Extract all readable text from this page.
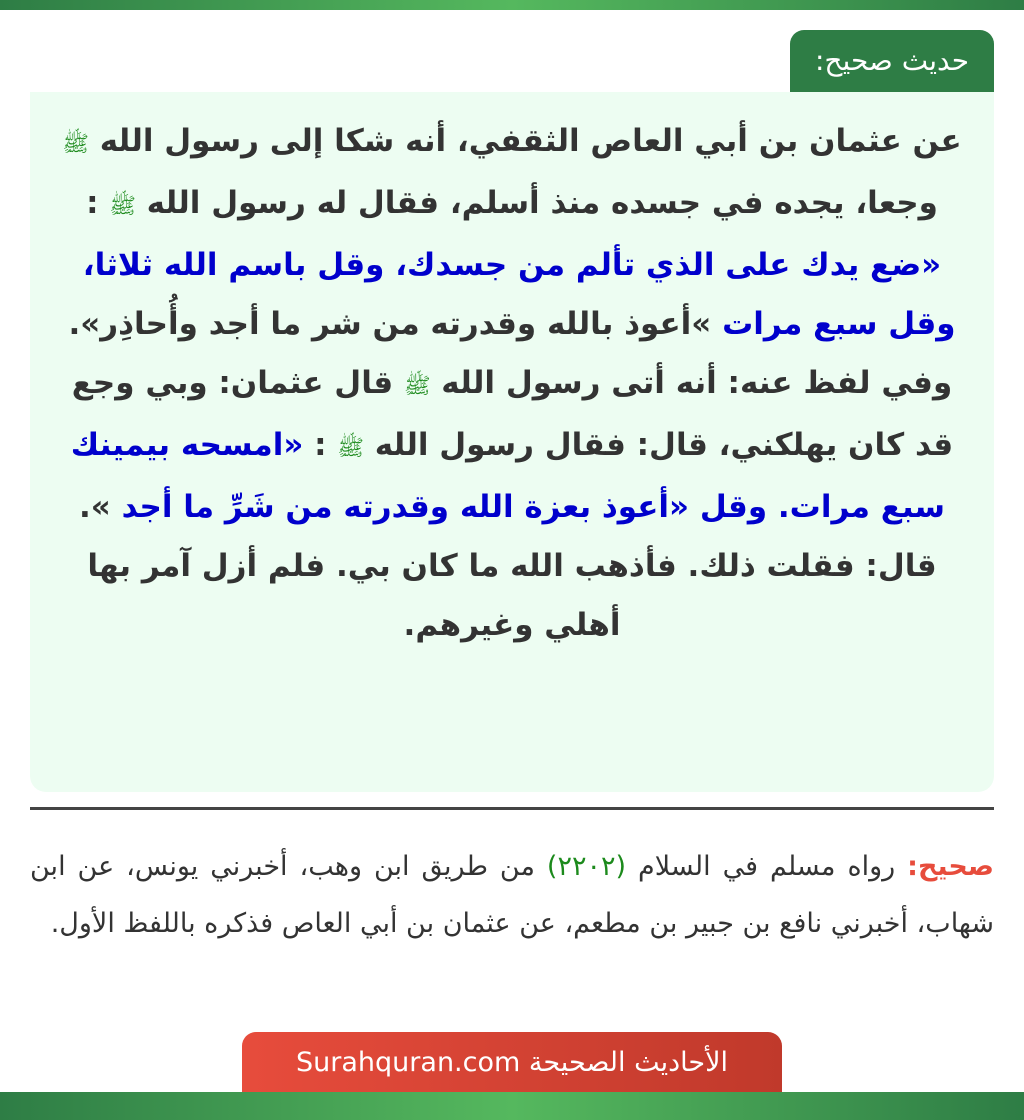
حديث صحيح:

عن عثمان بن أبي العاص الثقفي، أنه شكا إلى رسول الله ﷺ وجعا، يجده في جسده منذ أسلم، فقال له رسول الله ﷺ : «ضع يدك على الذي تألم من جسدك، وقل باسم الله ثلاثا، وقل سبع مرات »أعوذ بالله وقدرته من شر ما أجد وأُحاذِر».

وفي لفظ عنه: أنه أتى رسول الله ﷺ قال عثمان: وبي وجع قد كان يهلكني، قال: فقال رسول الله ﷺ : «امسحه بيمينك سبع مرات. وقل «أعوذ بعزة الله وقدرته من شَرِّ ما أجد ».

قال: فقلت ذلك. فأذهب الله ما كان بي. فلم أزل آمر بها أهلي وغيرهم.

صحيح: رواه مسلم في السلام (٢٢٠٢) من طريق ابن وهب، أخبرني يونس، عن ابن شهاب، أخبرني نافع بن جبير بن مطعم، عن عثمان بن أبي العاص فذكره باللفظ الأول.
الأحاديث الصحيحة Surahquran.com
